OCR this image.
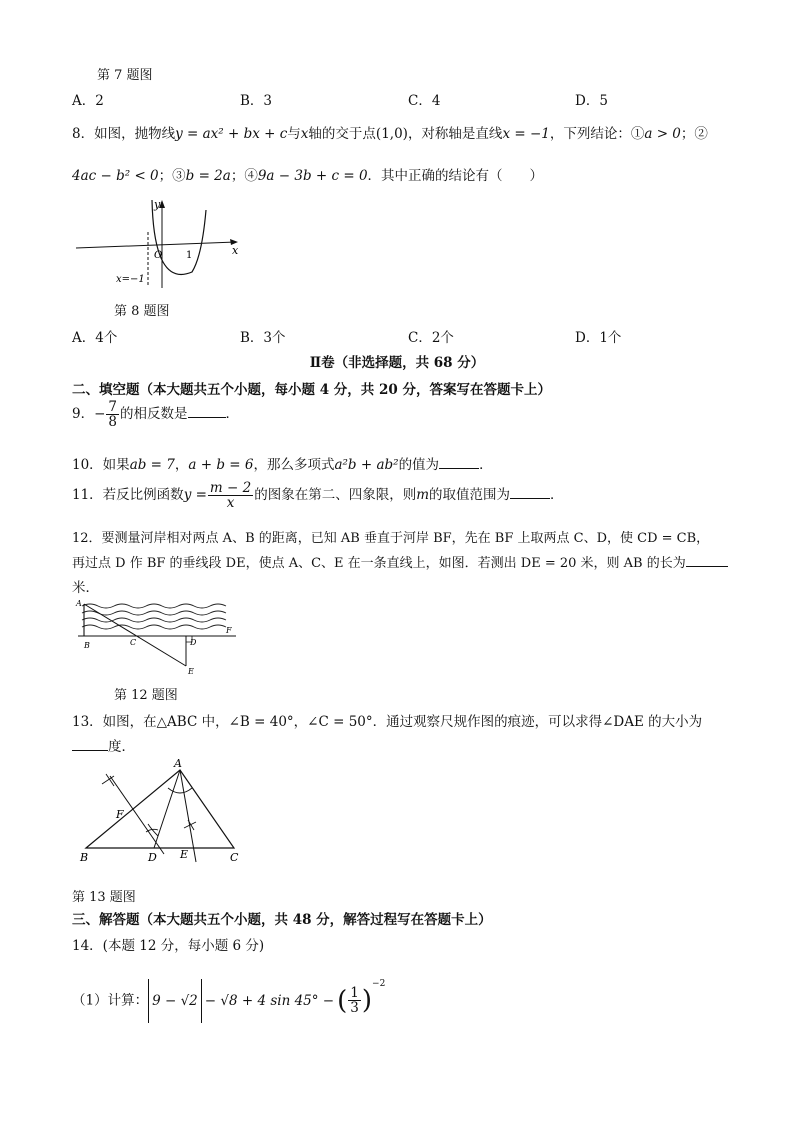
第 7 题图
A．2	B．3	C．4	D．5
8．如图，抛物线y = ax² + bx + c与x轴的交于点(1,0)，对称轴是直线x = −1，下列结论：①a > 0；②
4ac − b² < 0；③b = 2a；④9a − 3b + c = 0．其中正确的结论有（　　）
y
x
O 1
x=−1
第 8 题图
A．4个	B．3个	C．2个	D．1个
Ⅱ卷（非选择题，共 68 分）
二、填空题（本大题共五个小题，每小题 4 分，共 20 分，答案写在答题卡上）
9．− $\frac{7}{8}$ 的相反数是	．
10．如果ab = 7，a + b = 6，那么多项式a²b + ab²的值为	．
11．若反比例函数$y = \frac{m - 2}{x}$ 的图象在第二、四象限，则m的取值范围为	．
12．要测量河岸相对两点 A、B 的距离，已知 AB 垂直于河岸 BF，先在 BF 上取两点 C、D，使 CD = CB，
再过点 D 作 BF 的垂线段 DE，使点 A、C、E 在一条直线上，如图．若测出 DE = 20 米，则 AB 的长为
米．
A
B	C	D
E
F
第 12 题图
13．如图，在△ABC 中，∠B = 40°，∠C = 50°．通过观察尺规作图的痕迹，可以求得∠DAE 的大小为
度．
A
B	C
D E
F
第 13 题图
三、解答题（本大题共五个小题，共 48 分，解答过程写在答题卡上）
14．(本题 12 分，每小题 6 分)
（1）计算： 9 − √2 − √8 + 4 sin 45° − ( $\frac{1}{3} )^{-2}$
